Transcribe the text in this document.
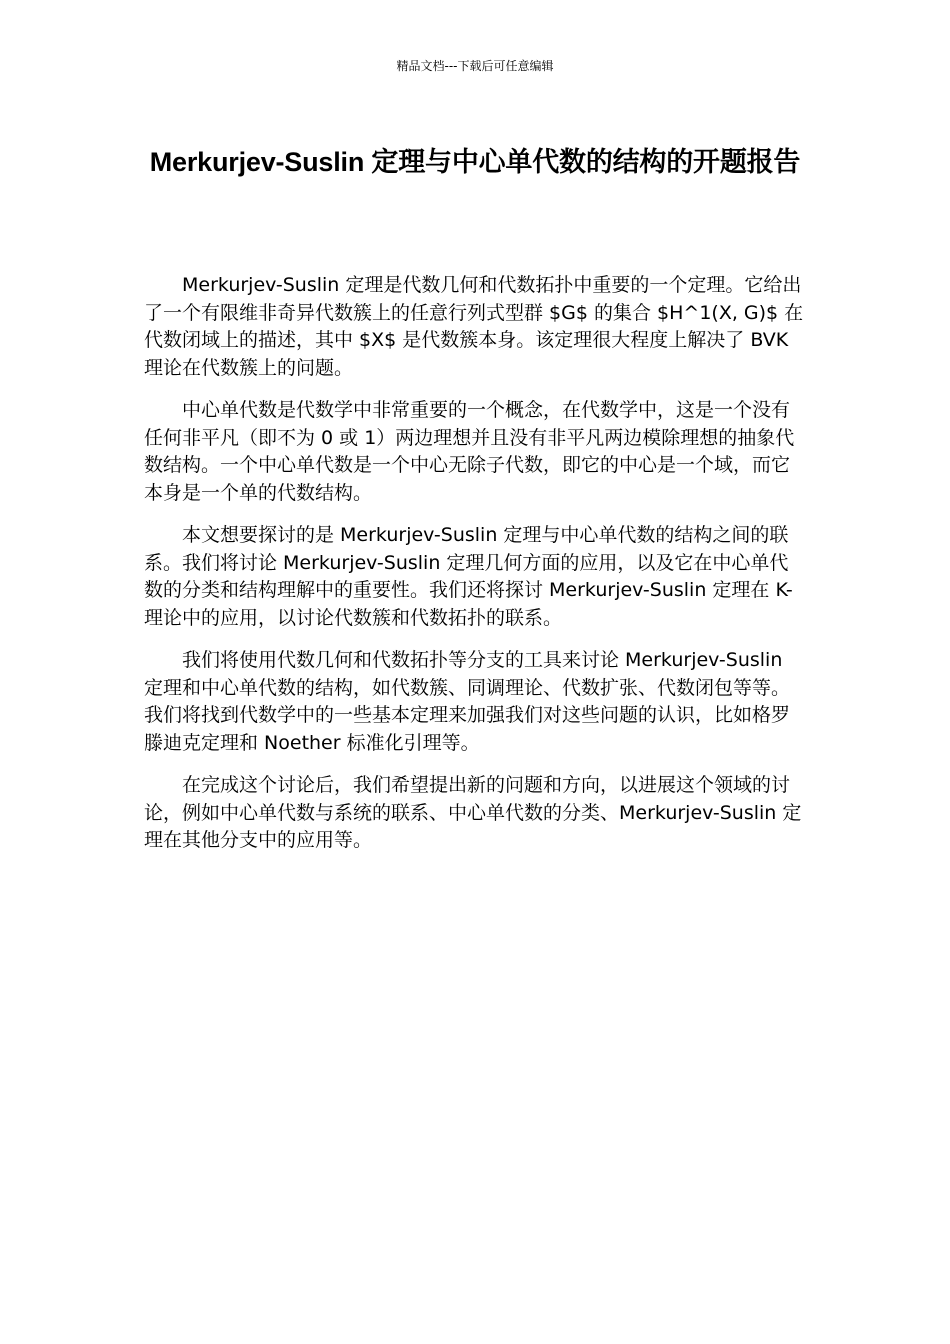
精品文档---下载后可任意编辑
Merkurjev-Suslin 定理与中心单代数的结构的开题报告

Merkurjev-Suslin 定理是代数几何和代数拓扑中重要的一个定理。它给出了一个有限维非奇异代数簇上的任意行列式型群 $G$ 的集合 $H^1(X, G)$ 在代数闭域上的描述，其中 $X$ 是代数簇本身。该定理很大程度上解决了 BVK 理论在代数簇上的问题。

中心单代数是代数学中非常重要的一个概念，在代数学中，这是一个没有任何非平凡（即不为 0 或 1）两边理想并且没有非平凡两边模除理想的抽象代数结构。一个中心单代数是一个中心无除子代数，即它的中心是一个域，而它本身是一个单的代数结构。

本文想要探讨的是 Merkurjev-Suslin 定理与中心单代数的结构之间的联系。我们将讨论 Merkurjev-Suslin 定理几何方面的应用，以及它在中心单代数的分类和结构理解中的重要性。我们还将探讨 Merkurjev-Suslin 定理在 K-理论中的应用，以讨论代数簇和代数拓扑的联系。

我们将使用代数几何和代数拓扑等分支的工具来讨论 Merkurjev-Suslin 定理和中心单代数的结构，如代数簇、同调理论、代数扩张、代数闭包等等。我们将找到代数学中的一些基本定理来加强我们对这些问题的认识，比如格罗滕迪克定理和 Noether 标准化引理等。

在完成这个讨论后，我们希望提出新的问题和方向，以进展这个领域的讨论，例如中心单代数与系统的联系、中心单代数的分类、Merkurjev-Suslin 定理在其他分支中的应用等。
